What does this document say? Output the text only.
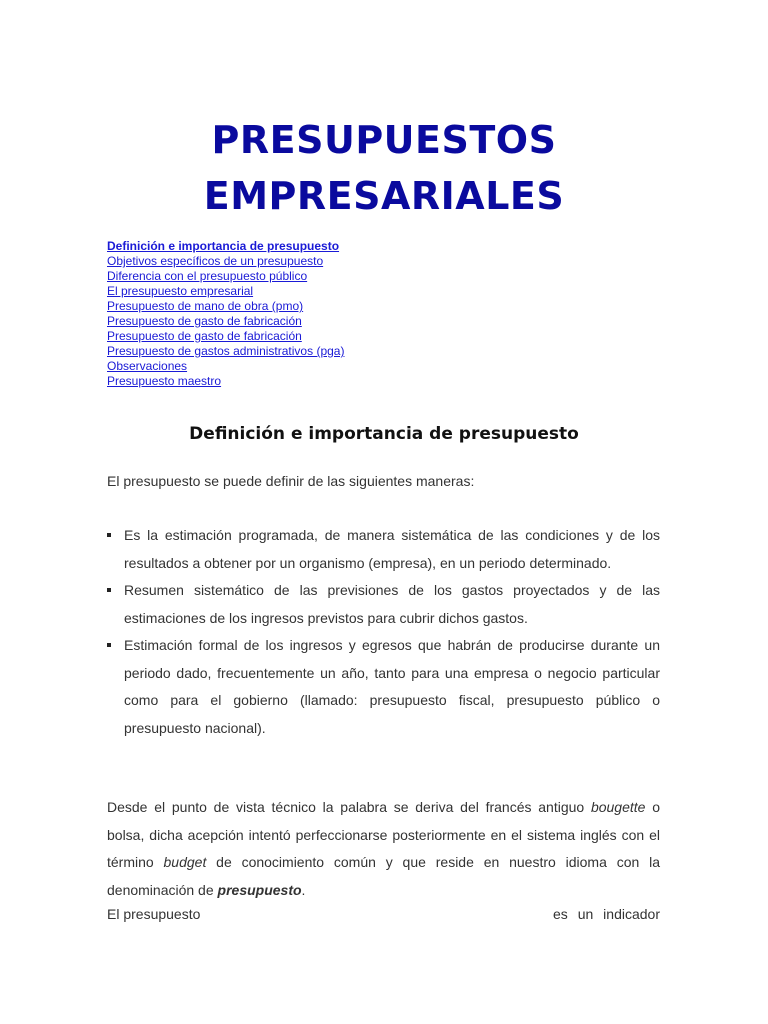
PRESUPUESTOS
EMPRESARIALES
Definición e importancia de presupuesto
Objetivos específicos de un presupuesto
Diferencia con el presupuesto público
El presupuesto empresarial
Presupuesto de mano de obra (pmo)
Presupuesto de gasto de fabricación
Presupuesto de gasto de fabricación
Presupuesto de gastos administrativos (pga)
Observaciones
Presupuesto maestro
Definición e importancia de presupuesto
El presupuesto se puede definir de las siguientes maneras:
Es la estimación programada, de manera sistemática de las condiciones y de los resultados a obtener por un organismo (empresa), en un periodo determinado.
Resumen sistemático de las previsiones de los gastos proyectados y de las estimaciones de los ingresos previstos para cubrir dichos gastos.
Estimación formal de los ingresos y egresos que habrán de producirse durante un periodo dado, frecuentemente un año, tanto para una empresa o negocio particular como para el gobierno (llamado: presupuesto fiscal, presupuesto público o presupuesto nacional).

Desde el punto de vista técnico la palabra se deriva del francés antiguo bougette o bolsa, dicha acepción intentó perfeccionarse posteriormente en el sistema inglés con el término budget de conocimiento común y que reside en nuestro idioma con la denominación de presupuesto.

El presupuesto	es un indicador
